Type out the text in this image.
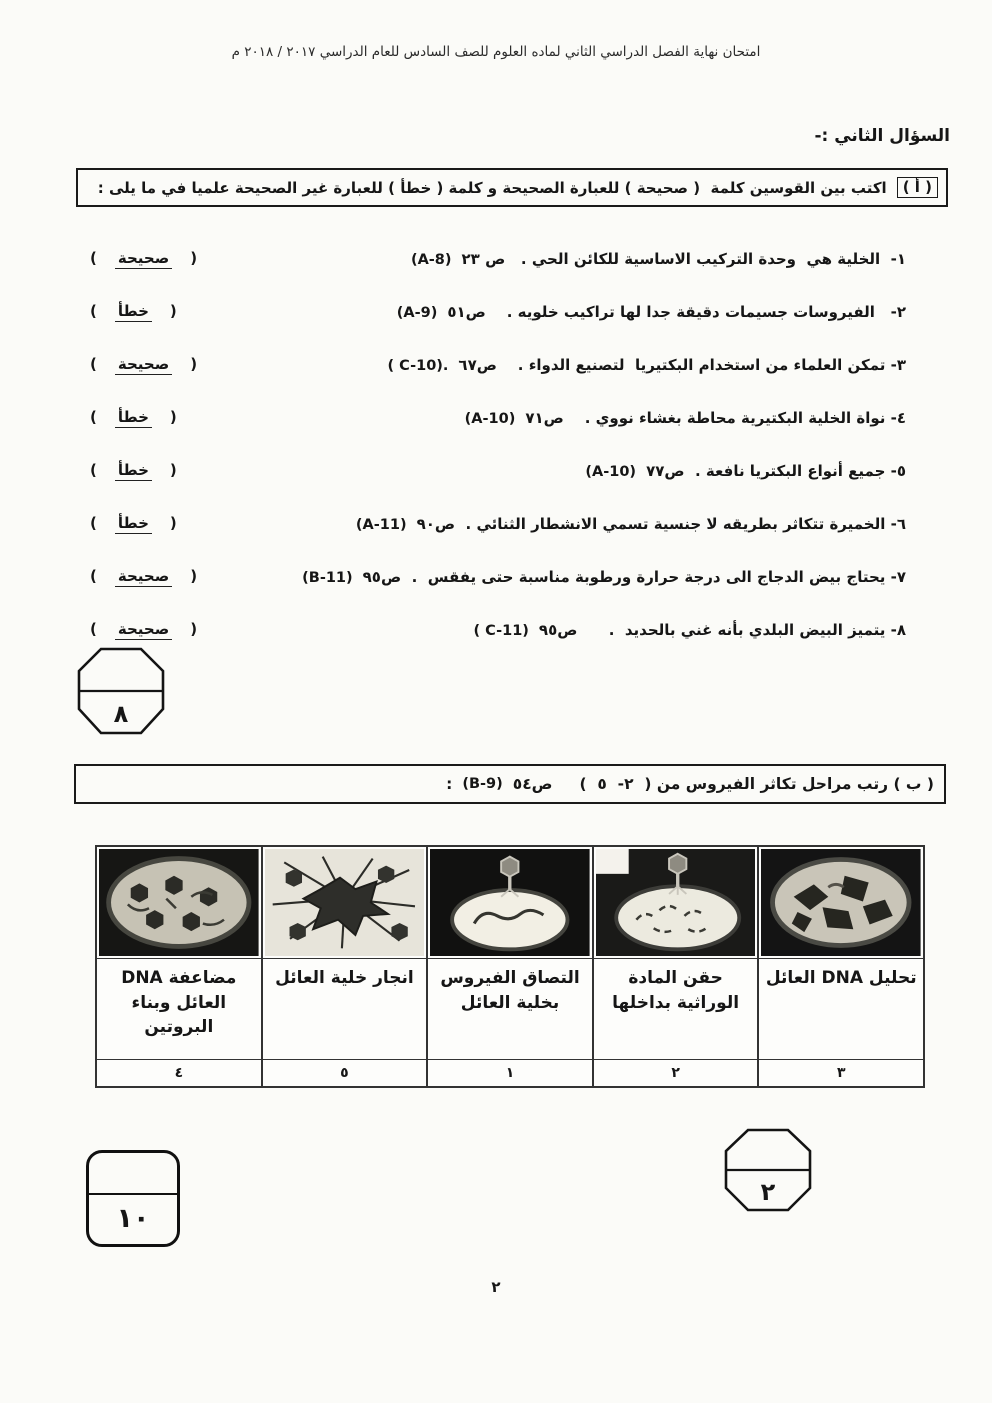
امتحان نهاية الفصل الدراسي الثاني لماده العلوم للصف السادس للعام الدراسي ٢٠١٧ / ٢٠١٨ م
السؤال الثاني :-
( أ )
اكتب بين القوسين كلمة  ( صحيحة ) للعبارة الصحيحة و كلمة ( خطأ ) للعبارة غير الصحيحة علميا في ما يلى :
١-  الخلية هي  وحدة التركيب الاساسية للكائن الحي .   ص ٢٣
(A-8)
( صحيحة )
٢-   الفيروسات جسيمات دقيقة جدا لها تراكيب خلويه .    ص٥١
(A-9)
( خطأ )
٣- تمكن العلماء من استخدام البكتيريا  لتصنيع الدواء .    ص٦٧
( C-10).
( صحيحة )
٤- نواة الخلية البكتيرية محاطة بغشاء نووي .    ص٧١
(A-10)
( خطأ )
٥- جميع أنواع البكتريا نافعة .  ص٧٧
(A-10)
( خطأ )
٦- الخميرة تتكاثر بطريقه لا جنسية تسمي الانشطار الثنائي .  ص٩٠
(A-11)
( خطأ )
٧- يحتاج بيض الدجاج الى درجة حرارة ورطوبة مناسبة حتى يفقس  .  ص٩٥
(B-11)
( صحيحة )
٨- يتميز البيض البلدي بأنه غني بالحديد  .      ص٩٥
( C-11)
( صحيحة )
٨
( ب ) رتب مراحل تكاثر الفيروس من (  ٢-  ٥  )     ص٥٤
(B-9)
:
تحليل DNA العائل
٣
حقن المادة الوراثية بداخلها
٢
التصاق الفيروس بخلية العائل
١
انجار خلية العائل
٥
مضاعفة DNA العائل وبناء البروتين
٤
٢
١٠
٢
